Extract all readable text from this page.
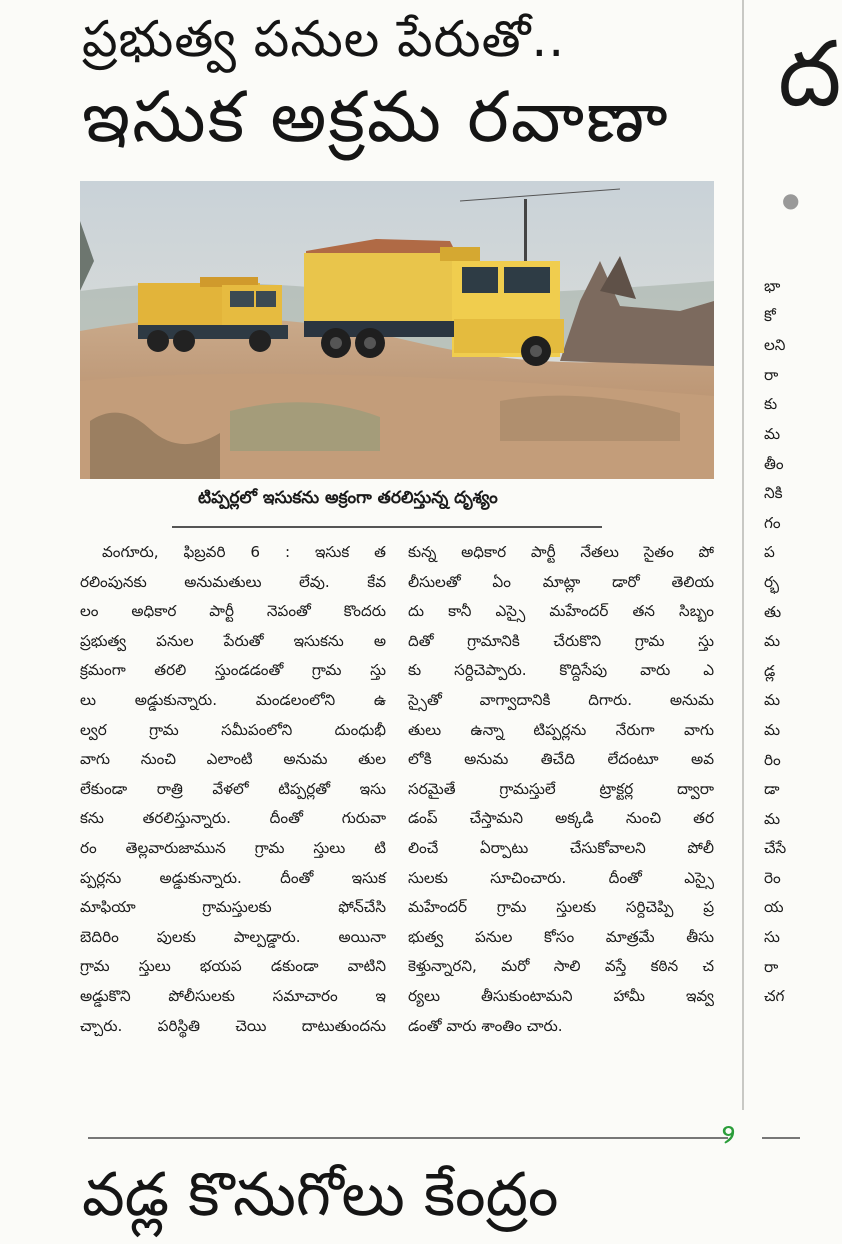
ప్రభుత్వ పనుల పేరుతో..
ఇసుక అక్రమ రవాణా
టిప్పర్లలో ఇసుకను అక్రంగా తరలిస్తున్న దృశ్యం
వంగూరు, ఫిబ్రవరి 6 : ఇసుక త
రలింపునకు అనుమతులు లేవు. కేవ
లం అధికార పార్టీ నెపంతో కొందరు
ప్రభుత్వ పనుల పేరుతో ఇసుకను అ
క్రమంగా తరలి స్తుండడంతో గ్రామ స్తు
లు అడ్డుకున్నారు. మండలంలోని ఉ
ల్వర గ్రామ సమీపంలోని దుంధుభీ
వాగు నుంచి ఎలాంటి అనుమ తుల
లేకుండా రాత్రి వేళలో టిప్పర్లతో ఇసు
కను తరలిస్తున్నారు. దీంతో గురువా
రం తెల్లవారుజామున గ్రామ స్తులు టి
ప్పర్లను అడ్డుకున్నారు. దీంతో ఇసుక
మాఫియా గ్రామస్తులకు ఫోన్‌చేసి
బెదిరిం పులకు పాల్పడ్డారు. అయినా
గ్రామ స్తులు భయప డకుండా వాటిని
అడ్డుకొని పోలీసులకు సమాచారం ఇ
చ్చారు. పరిస్థితి చెయి దాటుతుందను
కున్న అధికార పార్టీ నేతలు సైతం పో
లీసులతో ఏం మాట్లా డారో తెలియ
దు కానీ ఎస్సై మహేందర్ తన సిబ్బం
దితో గ్రామానికి చేరుకొని గ్రామ స్తు
కు సర్దిచెప్పారు. కొద్దిసేపు వారు ఎ
స్సైతో వాగ్వాదానికి దిగారు. అనుమ
తులు ఉన్నా టిప్పర్లను నేరుగా వాగు
లోకి అనుమ తిచేది లేదంటూ అవ
సరమైతే గ్రామస్తులే ట్రాక్టర్ల ద్వారా
డంప్ చేస్తామని అక్కడి నుంచి తర
లించే ఏర్పాటు చేసుకోవాలని పోలీ
సులకు సూచించారు. దీంతో ఎస్సై
మహేందర్ గ్రామ స్తులకు సర్దిచెప్పి ప్ర
భుత్వ పనుల కోసం మాత్రమే తీసు
కెళ్తున్నారని, మరో సాలి వస్తే కఠిన చ
ర్యలు తీసుకుంటామని హామీ ఇవ్వ
డంతో వారు శాంతిం చారు.
ద
●
భా
కో
లని
రా
కు
మ
తీం
నికి
గం
ప
ర్భ
తు
మ
డ్ల
మ
మ
రిం
డా
మ
చేసే
రెం
య
సు
రా
చగ
୨
వడ్ల కొనుగోలు కేంద్రం
